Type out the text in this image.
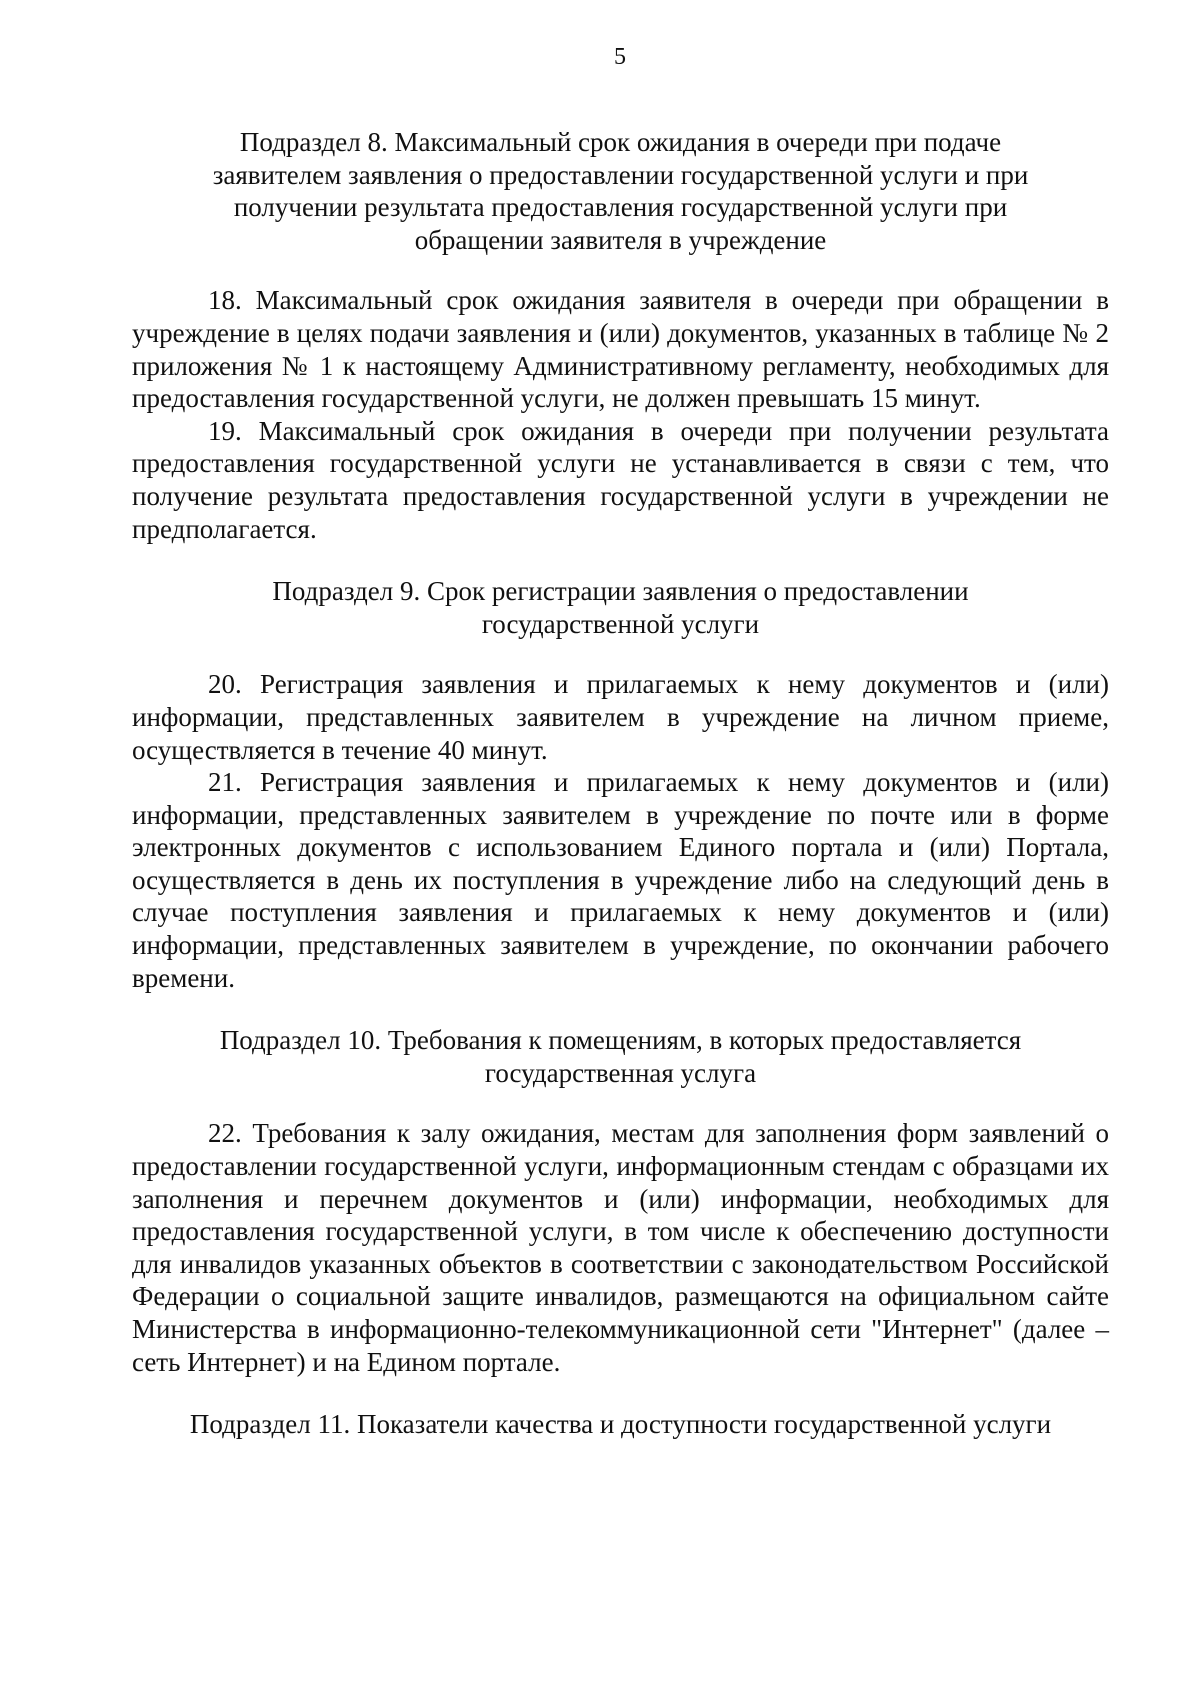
5
Подраздел 8. Максимальный срок ожидания в очереди при подаче заявителем заявления о предоставлении государственной услуги и при получении результата предоставления государственной услуги при обращении заявителя в учреждение

18. Максимальный срок ожидания заявителя в очереди при обращении в учреждение в целях подачи заявления и (или) документов, указанных в таблице № 2 приложения № 1 к настоящему Административному регламенту, необходимых для предоставления государственной услуги, не должен превышать 15 минут.

19. Максимальный срок ожидания в очереди при получении результата предоставления государственной услуги не устанавливается в связи с тем, что получение результата предоставления государственной услуги в учреждении не предполагается.

Подраздел 9. Срок регистрации заявления о предоставлении государственной услуги

20. Регистрация заявления и прилагаемых к нему документов и (или) информации, представленных заявителем в учреждение на личном приеме, осуществляется в течение 40 минут.

21. Регистрация заявления и прилагаемых к нему документов и (или) информации, представленных заявителем в учреждение по почте или в форме электронных документов с использованием Единого портала и (или) Портала, осуществляется в день их поступления в учреждение либо на следующий день в случае поступления заявления и прилагаемых к нему документов и (или) информации, представленных заявителем в учреждение, по окончании рабочего времени.

Подраздел 10. Требования к помещениям, в которых предоставляется государственная услуга

22. Требования к залу ожидания, местам для заполнения форм заявлений о предоставлении государственной услуги, информационным стендам с образцами их заполнения и перечнем документов и (или) информации, необходимых для предоставления государственной услуги, в том числе к обеспечению доступности для инвалидов указанных объектов в соответствии с законодательством Российской Федерации о социальной защите инвалидов, размещаются на официальном сайте Министерства в информационно-телекоммуникационной сети "Интернет" (далее – сеть Интернет) и на Едином портале.

Подраздел 11. Показатели качества и доступности государственной услуги
